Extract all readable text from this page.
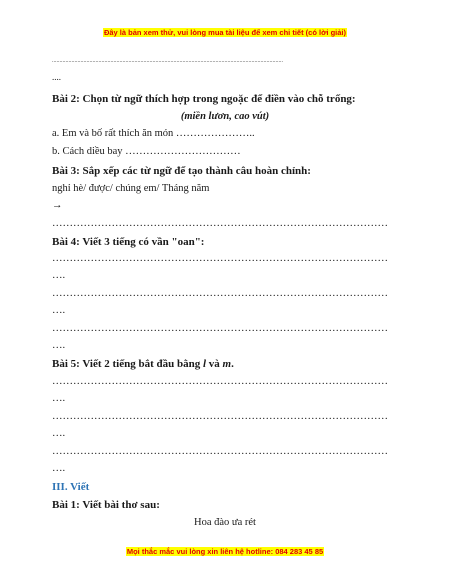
Đây là bản xem thử, vui lòng mua tài liệu để xem chi tiết (có lời giải)
..........................................................................................................................................................
....
Bài 2: Chọn từ ngữ thích hợp trong ngoặc để điền vào chỗ trống:
(miền lươn, cao vút)
a. Em và bố rất thích ăn món …………………..
b. Cách diều bay ……………………………
Bài 3: Sắp xếp các từ ngữ để tạo thành câu hoàn chỉnh:
nghỉ hè/ được/ chúng em/ Tháng năm
→
……………………………………………………………………………………
Bài 4: Viết 3 tiếng có vần "oan":
……………………………………………………………………………………
….
……………………………………………………………………………………
….
……………………………………………………………………………………
….
Bài 5: Viết 2 tiếng bắt đầu bằng l và m.
……………………………………………………………………………………
….
……………………………………………………………………………………
….
……………………………………………………………………………………
….
III. Viết
Bài 1: Viết bài thơ sau:
Hoa đào ưa rét
Mọi thắc mắc vui lòng xin liên hệ hotline: 084 283 45 85
